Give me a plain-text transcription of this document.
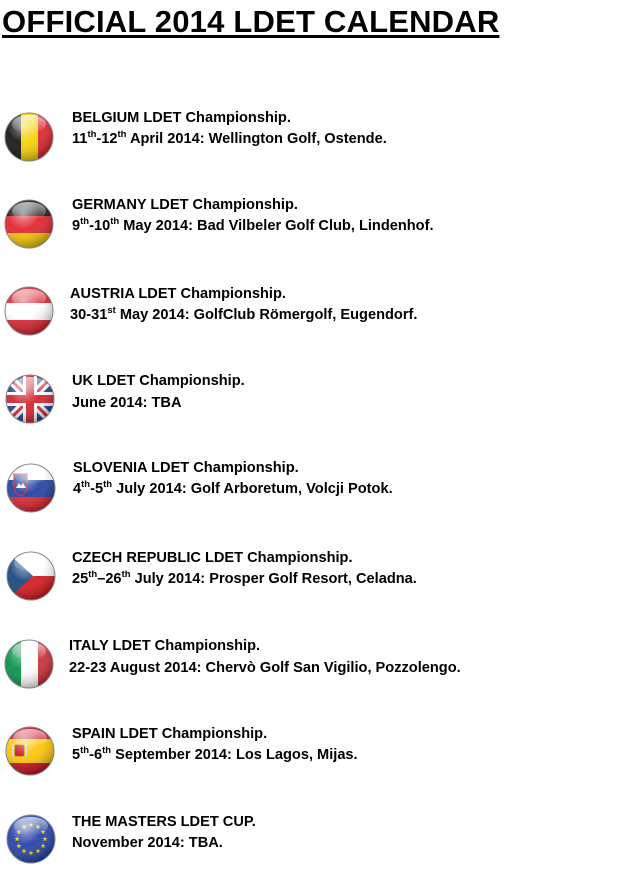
OFFICIAL 2014 LDET CALENDAR
BELGIUM LDET Championship.
11th-12th April 2014: Wellington Golf, Ostende.
GERMANY LDET Championship.
9th-10th May 2014: Bad Vilbeler Golf Club, Lindenhof.
AUSTRIA LDET Championship.
30-31st May 2014: GolfClub Römergolf, Eugendorf.
UK LDET Championship.
June 2014: TBA
SLOVENIA LDET Championship.
4th-5th July 2014: Golf Arboretum, Volcji Potok.
CZECH REPUBLIC LDET Championship.
25th–26th July 2014: Prosper Golf Resort, Celadna.
ITALY LDET Championship.
22-23 August 2014: Chervò Golf San Vigilio, Pozzolengo.
SPAIN LDET Championship.
5th-6th September 2014: Los Lagos, Mijas.
THE MASTERS LDET CUP.
November 2014: TBA.
